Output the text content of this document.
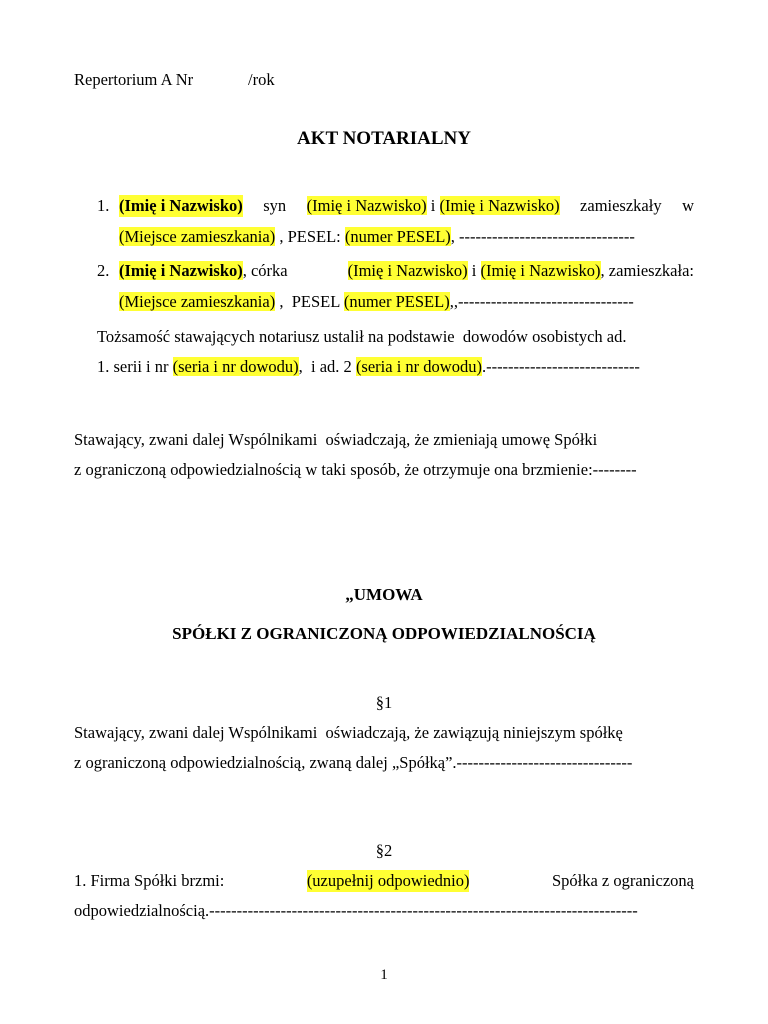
Repertorium A Nr	/rok
AKT NOTARIALNY
1. (Imię i Nazwisko) syn (Imię i Nazwisko) i (Imię i Nazwisko) zamieszkały w
(Miejsce zamieszkania) , PESEL: (numer PESEL), --------------------------------
2. (Imię i Nazwisko), córka	(Imię i Nazwisko) i (Imię i Nazwisko), zamieszkała:
(Miejsce zamieszkania) ,  PESEL (numer PESEL),,--------------------------------
Tożsamość stawających notariusz ustalił na podstawie  dowodów osobistych ad.
1. serii i nr (seria i nr dowodu),  i ad. 2 (seria i nr dowodu).----------------------------
Stawający, zwani dalej Wspólnikami  oświadczają, że zmieniają umowę Spółki
z ograniczoną odpowiedzialnością w taki sposób, że otrzymuje ona brzmienie:--------
„UMOWA
SPÓŁKI Z OGRANICZONĄ ODPOWIEDZIALNOŚCIĄ
§1
Stawający, zwani dalej Wspólnikami  oświadczają, że zawiązują niniejszym spółkę
z ograniczoną odpowiedzialnością, zwaną dalej „Spółką”.--------------------------------
§2
1. Firma Spółki brzmi:	(uzupełnij odpowiednio)	Spółka z ograniczoną
odpowiedzialnością.------------------------------------------------------------------------------
1
